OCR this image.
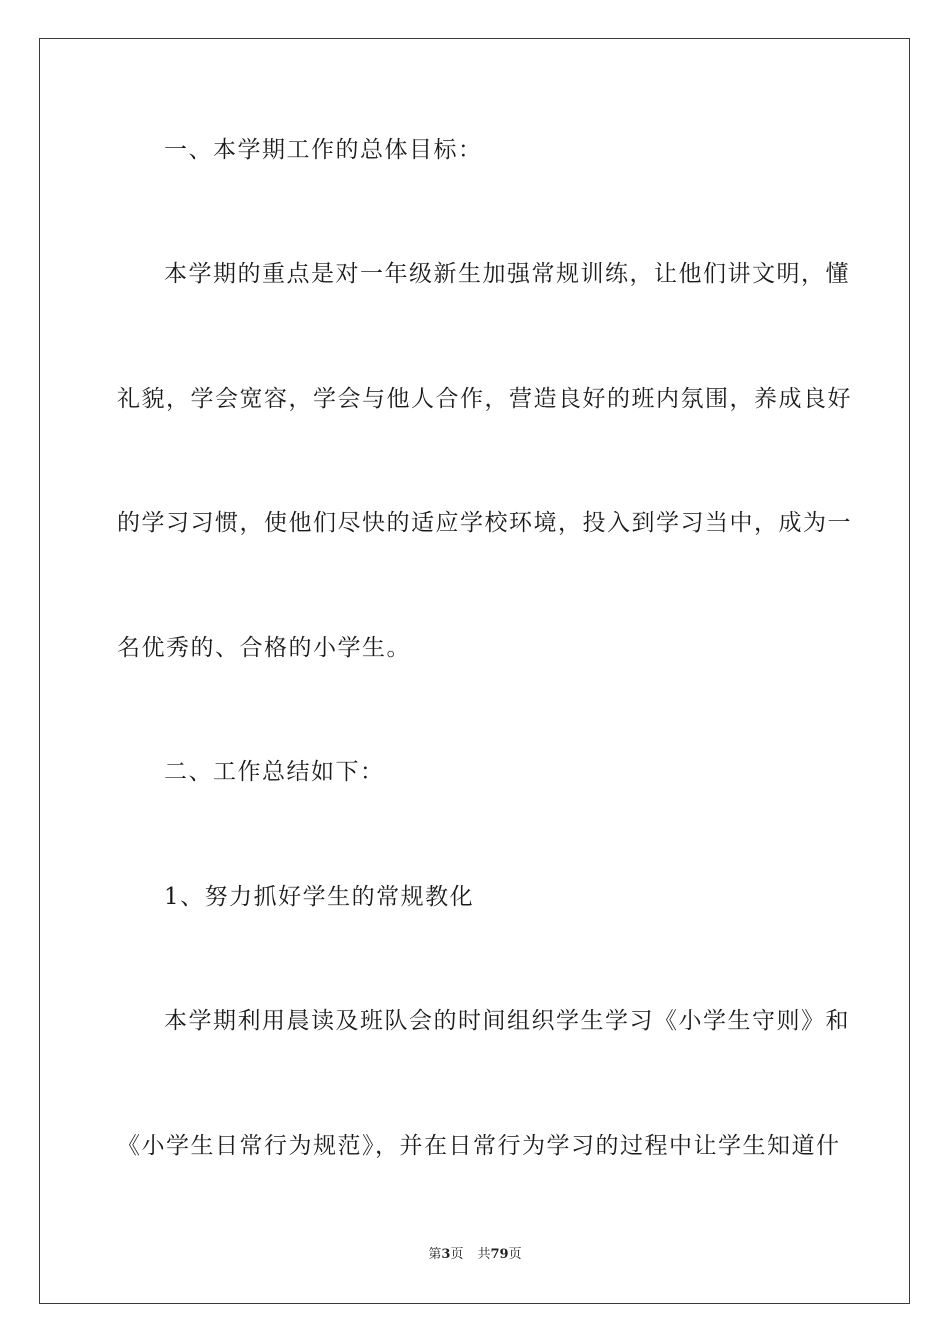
一、本学期工作的总体目标：
本学期的重点是对一年级新生加强常规训练，让他们讲文明，懂
礼貌，学会宽容，学会与他人合作，营造良好的班内氛围，养成良好
的学习习惯，使他们尽快的适应学校环境，投入到学习当中，成为一
名优秀的、合格的小学生。
二、工作总结如下：
1、努力抓好学生的常规教化
本学期利用晨读及班队会的时间组织学生学习《小学生守则》和
《小学生日常行为规范》，并在日常行为学习的过程中让学生知道什
第3页 共79页
